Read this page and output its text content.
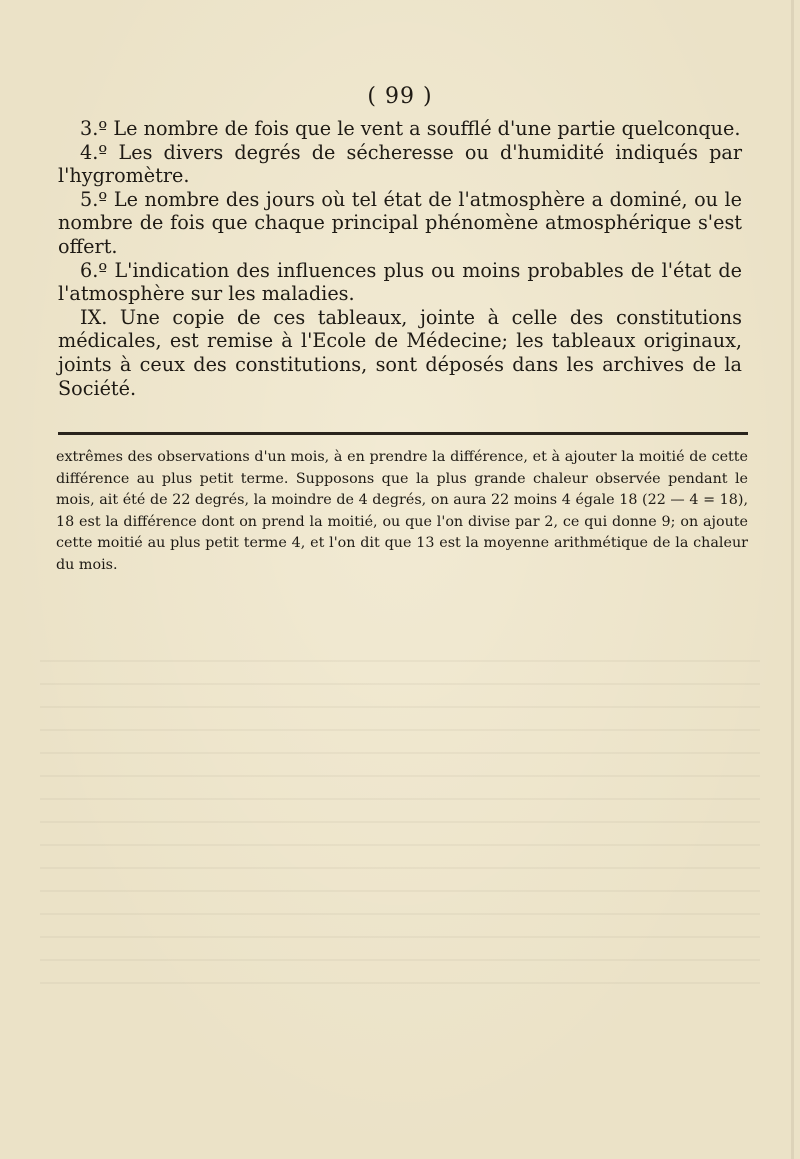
( 99 )

3.º Le nombre de fois que le vent a soufflé d'une partie quelconque.

4.º Les divers degrés de sécheresse ou d'humidité indiqués par l'hygromètre.

5.º Le nombre des jours où tel état de l'atmosphère a dominé, ou le nombre de fois que chaque principal phénomène atmosphérique s'est offert.

6.º L'indication des influences plus ou moins probables de l'état de l'atmosphère sur les maladies.

IX. Une copie de ces tableaux, jointe à celle des constitutions médicales, est remise à l'Ecole de Médecine; les tableaux originaux, joints à ceux des constitutions, sont déposés dans les archives de la Société.

extrêmes des observations d'un mois, à en prendre la différence, et à ajouter la moitié de cette différence au plus petit terme. Supposons que la plus grande chaleur observée pendant le mois, ait été de 22 degrés, la moindre de 4 degrés, on aura 22 moins 4 égale 18 (22 — 4 = 18), 18 est la différence dont on prend la moitié, ou que l'on divise par 2, ce qui donne 9; on ajoute cette moitié au plus petit terme 4, et l'on dit que 13 est la moyenne arithmétique de la chaleur du mois.
